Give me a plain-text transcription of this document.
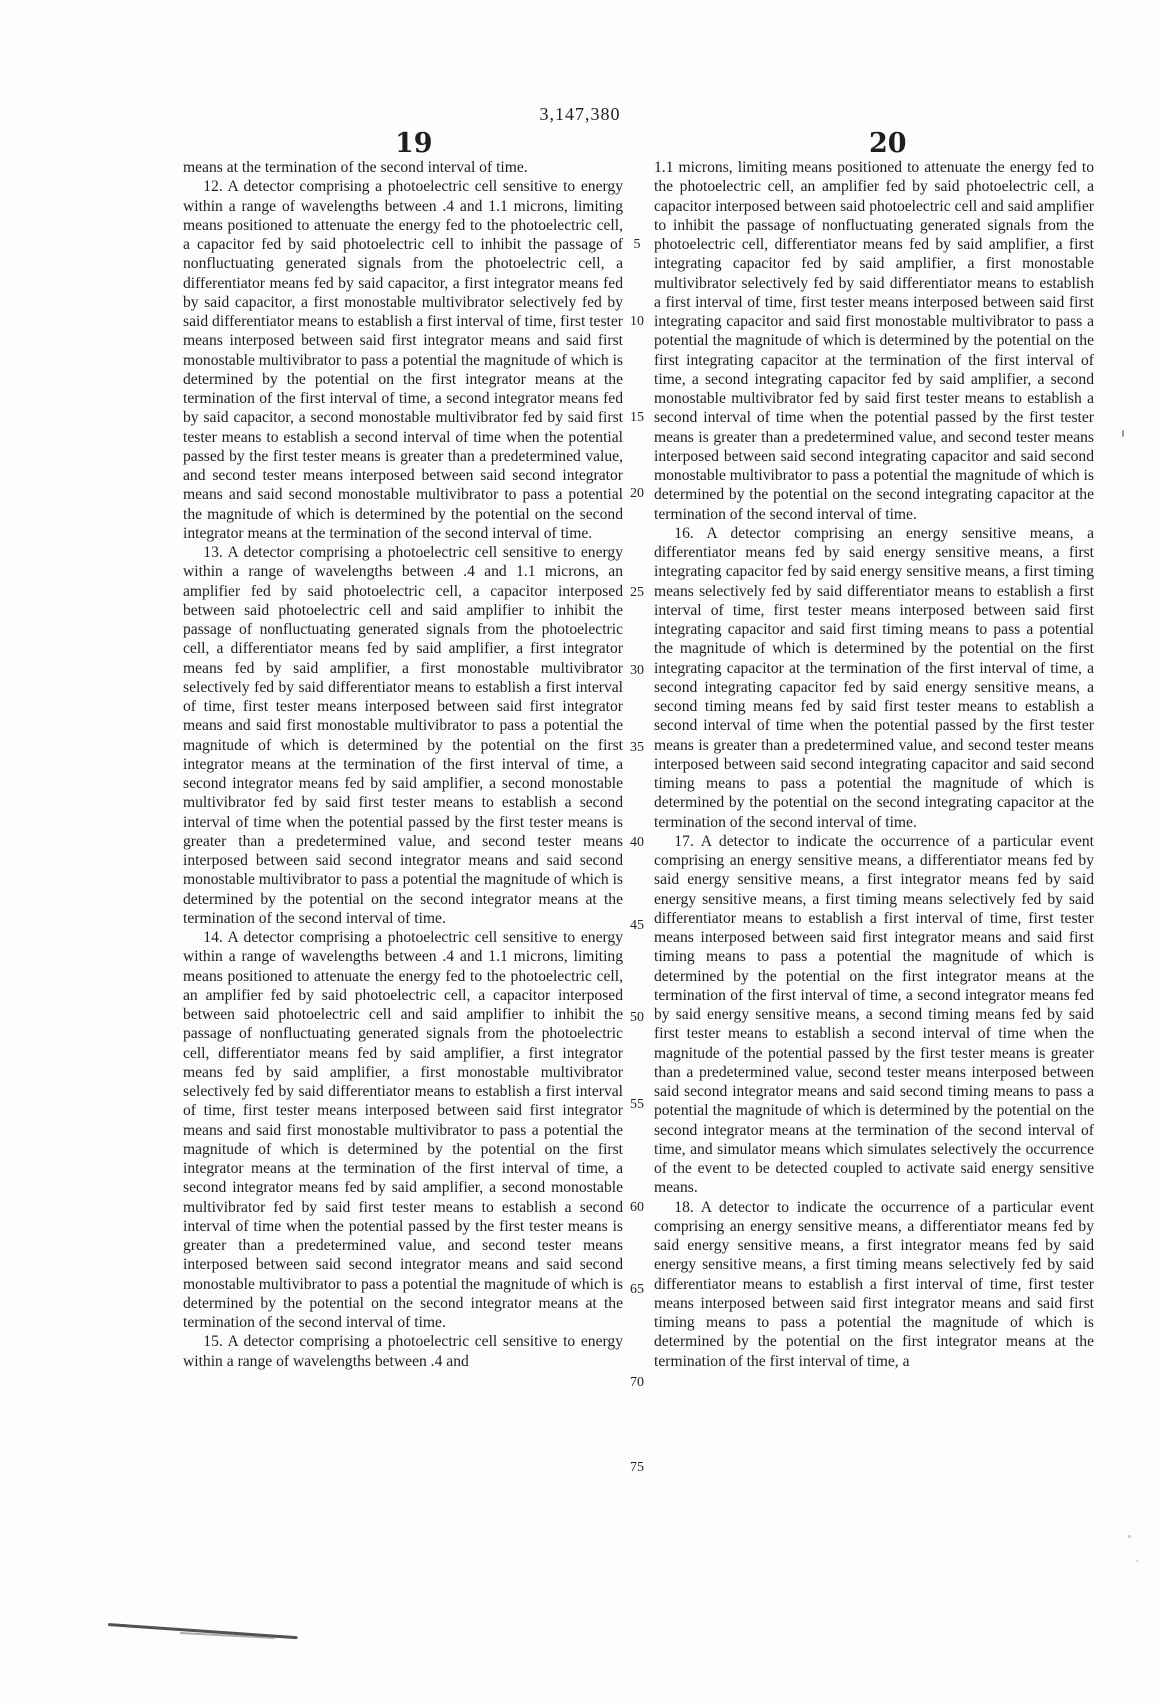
3,147,380
19	20

means at the termination of the second interval of time.

12. A detector comprising a photoelectric cell sensitive to energy within a range of wavelengths between .4 and 1.1 microns, limiting means positioned to attenuate the energy fed to the photoelectric cell, a capacitor fed by said photoelectric cell to inhibit the passage of nonfluctuating generated signals from the photoelectric cell, a differentiator means fed by said capacitor, a first integrator means fed by said capacitor, a first monostable multivibrator selectively fed by said differentiator means to establish a first interval of time, first tester means interposed between said first integrator means and said first monostable multivibrator to pass a potential the magnitude of which is determined by the potential on the first integrator means at the termination of the first interval of time, a second integrator means fed by said capacitor, a second monostable multivibrator fed by said first tester means to establish a second interval of time when the potential passed by the first tester means is greater than a predetermined value, and second tester means interposed between said second integrator means and said second monostable multivibrator to pass a potential the magnitude of which is determined by the potential on the second integrator means at the termination of the second interval of time.

13. A detector comprising a photoelectric cell sensitive to energy within a range of wavelengths between .4 and 1.1 microns, an amplifier fed by said photoelectric cell, a capacitor interposed between said photoelectric cell and said amplifier to inhibit the passage of nonfluctuating generated signals from the photoelectric cell, a differentiator means fed by said amplifier, a first integrator means fed by said amplifier, a first monostable multivibrator selectively fed by said differentiator means to establish a first interval of time, first tester means interposed between said first integrator means and said first monostable multivibrator to pass a potential the magnitude of which is determined by the potential on the first integrator means at the termination of the first interval of time, a second integrator means fed by said amplifier, a second monostable multivibrator fed by said first tester means to establish a second interval of time when the potential passed by the first tester means is greater than a predetermined value, and second tester means interposed between said second integrator means and said second monostable multivibrator to pass a potential the magnitude of which is determined by the potential on the second integrator means at the termination of the second interval of time.

14. A detector comprising a photoelectric cell sensitive to energy within a range of wavelengths between .4 and 1.1 microns, limiting means positioned to attenuate the energy fed to the photoelectric cell, an amplifier fed by said photoelectric cell, a capacitor interposed between said photoelectric cell and said amplifier to inhibit the passage of nonfluctuating generated signals from the photoelectric cell, differentiator means fed by said amplifier, a first integrator means fed by said amplifier, a first monostable multivibrator selectively fed by said differentiator means to establish a first interval of time, first tester means interposed between said first integrator means and said first monostable multivibrator to pass a potential the magnitude of which is determined by the potential on the first integrator means at the termination of the first interval of time, a second integrator means fed by said amplifier, a second monostable multivibrator fed by said first tester means to establish a second interval of time when the potential passed by the first tester means is greater than a predetermined value, and second tester means interposed between said second integrator means and said second monostable multivibrator to pass a potential the magnitude of which is determined by the potential on the second integrator means at the termination of the second interval of time.

15. A detector comprising a photoelectric cell sensitive to energy within a range of wavelengths between .4 and

5
10
15
20
25
30
35
40
45
50
55
60
65
70
75

1.1 microns, limiting means positioned to attenuate the energy fed to the photoelectric cell, an amplifier fed by said photoelectric cell, a capacitor interposed between said photoelectric cell and said amplifier to inhibit the passage of nonfluctuating generated signals from the photoelectric cell, differentiator means fed by said amplifier, a first integrating capacitor fed by said amplifier, a first monostable multivibrator selectively fed by said differentiator means to establish a first interval of time, first tester means interposed between said first integrating capacitor and said first monostable multivibrator to pass a potential the magnitude of which is determined by the potential on the first integrating capacitor at the termination of the first interval of time, a second integrating capacitor fed by said amplifier, a second monostable multivibrator fed by said first tester means to establish a second interval of time when the potential passed by the first tester means is greater than a predetermined value, and second tester means interposed between said second integrating capacitor and said second monostable multivibrator to pass a potential the magnitude of which is determined by the potential on the second integrating capacitor at the termination of the second interval of time.

16. A detector comprising an energy sensitive means, a differentiator means fed by said energy sensitive means, a first integrating capacitor fed by said energy sensitive means, a first timing means selectively fed by said differentiator means to establish a first interval of time, first tester means interposed between said first integrating capacitor and said first timing means to pass a potential the magnitude of which is determined by the potential on the first integrating capacitor at the termination of the first interval of time, a second integrating capacitor fed by said energy sensitive means, a second timing means fed by said first tester means to establish a second interval of time when the potential passed by the first tester means is greater than a predetermined value, and second tester means interposed between said second integrating capacitor and said second timing means to pass a potential the magnitude of which is determined by the potential on the second integrating capacitor at the termination of the second interval of time.

17. A detector to indicate the occurrence of a particular event comprising an energy sensitive means, a differentiator means fed by said energy sensitive means, a first integrator means fed by said energy sensitive means, a first timing means selectively fed by said differentiator means to establish a first interval of time, first tester means interposed between said first integrator means and said first timing means to pass a potential the magnitude of which is determined by the potential on the first integrator means at the termination of the first interval of time, a second integrator means fed by said energy sensitive means, a second timing means fed by said first tester means to establish a second interval of time when the magnitude of the potential passed by the first tester means is greater than a predetermined value, second tester means interposed between said second integrator means and said second timing means to pass a potential the magnitude of which is determined by the potential on the second integrator means at the termination of the second interval of time, and simulator means which simulates selectively the occurrence of the event to be detected coupled to activate said energy sensitive means.

18. A detector to indicate the occurrence of a particular event comprising an energy sensitive means, a differentiator means fed by said energy sensitive means, a first integrator means fed by said energy sensitive means, a first timing means selectively fed by said differentiator means to establish a first interval of time, first tester means interposed between said first integrator means and said first timing means to pass a potential the magnitude of which is determined by the potential on the first integrator means at the termination of the first interval of time, a
